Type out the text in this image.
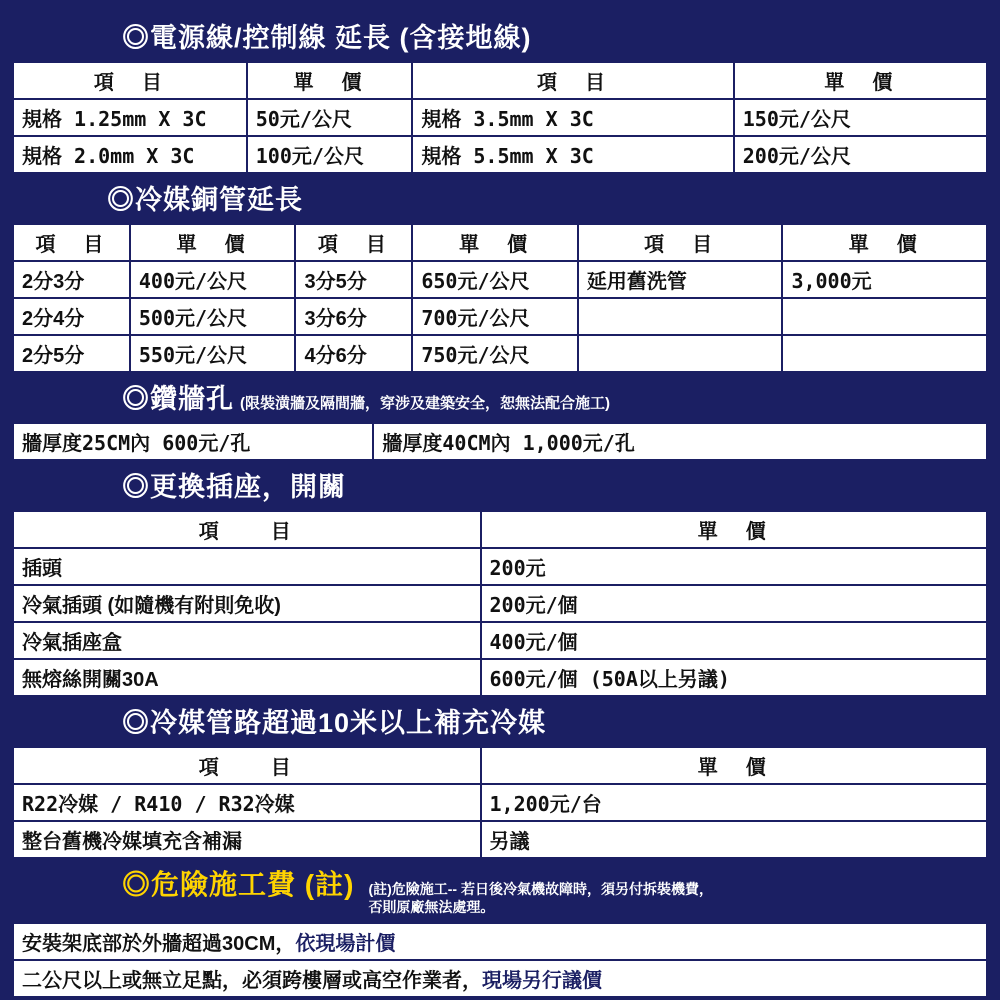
◎電源線/控制線 延長 (含接地線)
項　目	單　價	項　目	單　價
規格 1.25mm X 3C	50元/公尺	規格 3.5mm X 3C	150元/公尺
規格 2.0mm X 3C	100元/公尺	規格 5.5mm X 3C	200元/公尺
◎冷媒銅管延長
項　目	單　價	項　目	單　價	項　目	單　價
2分3分	400元/公尺	3分5分	650元/公尺	延用舊洗管	3,000元
2分4分	500元/公尺	3分6分	700元/公尺		
2分5分	550元/公尺	4分6分	750元/公尺		
◎鑽牆孔 (限裝潢牆及隔間牆，穿涉及建築安全，恕無法配合施工)
牆厚度25CM內 600元/孔	牆厚度40CM內 1,000元/孔
◎更換插座，開關
項　　目	單　價
插頭	200元
冷氣插頭 (如隨機有附則免收)	200元/個
冷氣插座盒	400元/個
無熔絲開關30A	600元/個 (50A以上另議)
◎冷媒管路超過10米以上補充冷媒
項　　目	單　價
R22冷媒 / R410 / R32冷媒	1,200元/台
整台舊機冷媒填充含補漏	另議
◎危險施工費 (註)	(註)危險施工-- 若日後冷氣機故障時，須另付拆裝機費，
否則原廠無法處理。
安裝架底部於外牆超過30CM，依現場計價
二公尺以上或無立足點，必須跨樓層或高空作業者，現場另行議價
